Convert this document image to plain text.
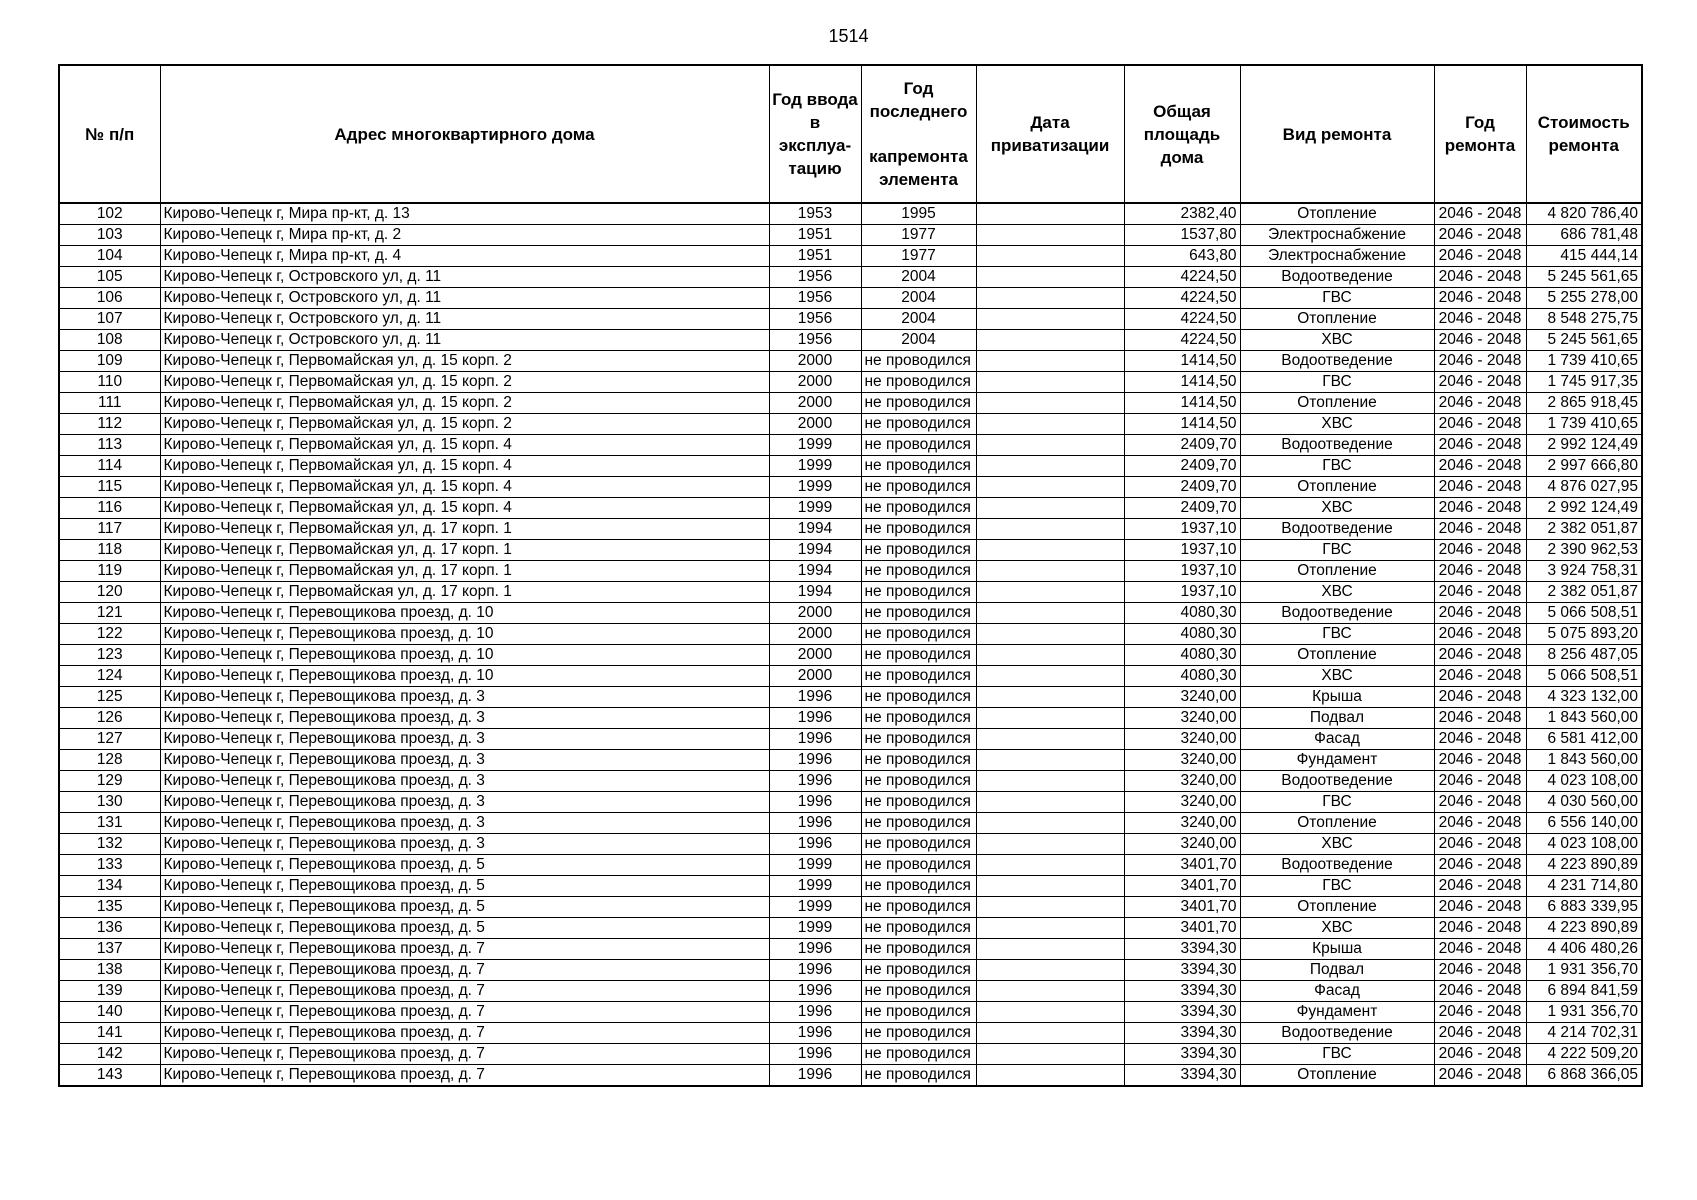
1514
№ п/п	Адрес многоквартирного дома	Год ввода в эксплуа-тацию	Год последнего
капремонта элемента	Дата приватизации	Общая площадь дома	Вид ремонта	Год ремонта	Стоимость ремонта
102	Кирово-Чепецк г, Мира пр-кт, д. 13	1953	1995		2382,40	Отопление	2046 - 2048	4 820 786,40
103	Кирово-Чепецк г, Мира пр-кт, д. 2	1951	1977		1537,80	Электроснабжение	2046 - 2048	686 781,48
104	Кирово-Чепецк г, Мира пр-кт, д. 4	1951	1977		643,80	Электроснабжение	2046 - 2048	415 444,14
105	Кирово-Чепецк г, Островского ул, д. 11	1956	2004		4224,50	Водоотведение	2046 - 2048	5 245 561,65
106	Кирово-Чепецк г, Островского ул, д. 11	1956	2004		4224,50	ГВС	2046 - 2048	5 255 278,00
107	Кирово-Чепецк г, Островского ул, д. 11	1956	2004		4224,50	Отопление	2046 - 2048	8 548 275,75
108	Кирово-Чепецк г, Островского ул, д. 11	1956	2004		4224,50	ХВС	2046 - 2048	5 245 561,65
109	Кирово-Чепецк г, Первомайская ул, д. 15 корп. 2	2000	не проводился		1414,50	Водоотведение	2046 - 2048	1 739 410,65
110	Кирово-Чепецк г, Первомайская ул, д. 15 корп. 2	2000	не проводился		1414,50	ГВС	2046 - 2048	1 745 917,35
111	Кирово-Чепецк г, Первомайская ул, д. 15 корп. 2	2000	не проводился		1414,50	Отопление	2046 - 2048	2 865 918,45
112	Кирово-Чепецк г, Первомайская ул, д. 15 корп. 2	2000	не проводился		1414,50	ХВС	2046 - 2048	1 739 410,65
113	Кирово-Чепецк г, Первомайская ул, д. 15 корп. 4	1999	не проводился		2409,70	Водоотведение	2046 - 2048	2 992 124,49
114	Кирово-Чепецк г, Первомайская ул, д. 15 корп. 4	1999	не проводился		2409,70	ГВС	2046 - 2048	2 997 666,80
115	Кирово-Чепецк г, Первомайская ул, д. 15 корп. 4	1999	не проводился		2409,70	Отопление	2046 - 2048	4 876 027,95
116	Кирово-Чепецк г, Первомайская ул, д. 15 корп. 4	1999	не проводился		2409,70	ХВС	2046 - 2048	2 992 124,49
117	Кирово-Чепецк г, Первомайская ул, д. 17 корп. 1	1994	не проводился		1937,10	Водоотведение	2046 - 2048	2 382 051,87
118	Кирово-Чепецк г, Первомайская ул, д. 17 корп. 1	1994	не проводился		1937,10	ГВС	2046 - 2048	2 390 962,53
119	Кирово-Чепецк г, Первомайская ул, д. 17 корп. 1	1994	не проводился		1937,10	Отопление	2046 - 2048	3 924 758,31
120	Кирово-Чепецк г, Первомайская ул, д. 17 корп. 1	1994	не проводился		1937,10	ХВС	2046 - 2048	2 382 051,87
121	Кирово-Чепецк г, Перевощикова проезд, д. 10	2000	не проводился		4080,30	Водоотведение	2046 - 2048	5 066 508,51
122	Кирово-Чепецк г, Перевощикова проезд, д. 10	2000	не проводился		4080,30	ГВС	2046 - 2048	5 075 893,20
123	Кирово-Чепецк г, Перевощикова проезд, д. 10	2000	не проводился		4080,30	Отопление	2046 - 2048	8 256 487,05
124	Кирово-Чепецк г, Перевощикова проезд, д. 10	2000	не проводился		4080,30	ХВС	2046 - 2048	5 066 508,51
125	Кирово-Чепецк г, Перевощикова проезд, д. 3	1996	не проводился		3240,00	Крыша	2046 - 2048	4 323 132,00
126	Кирово-Чепецк г, Перевощикова проезд, д. 3	1996	не проводился		3240,00	Подвал	2046 - 2048	1 843 560,00
127	Кирово-Чепецк г, Перевощикова проезд, д. 3	1996	не проводился		3240,00	Фасад	2046 - 2048	6 581 412,00
128	Кирово-Чепецк г, Перевощикова проезд, д. 3	1996	не проводился		3240,00	Фундамент	2046 - 2048	1 843 560,00
129	Кирово-Чепецк г, Перевощикова проезд, д. 3	1996	не проводился		3240,00	Водоотведение	2046 - 2048	4 023 108,00
130	Кирово-Чепецк г, Перевощикова проезд, д. 3	1996	не проводился		3240,00	ГВС	2046 - 2048	4 030 560,00
131	Кирово-Чепецк г, Перевощикова проезд, д. 3	1996	не проводился		3240,00	Отопление	2046 - 2048	6 556 140,00
132	Кирово-Чепецк г, Перевощикова проезд, д. 3	1996	не проводился		3240,00	ХВС	2046 - 2048	4 023 108,00
133	Кирово-Чепецк г, Перевощикова проезд, д. 5	1999	не проводился		3401,70	Водоотведение	2046 - 2048	4 223 890,89
134	Кирово-Чепецк г, Перевощикова проезд, д. 5	1999	не проводился		3401,70	ГВС	2046 - 2048	4 231 714,80
135	Кирово-Чепецк г, Перевощикова проезд, д. 5	1999	не проводился		3401,70	Отопление	2046 - 2048	6 883 339,95
136	Кирово-Чепецк г, Перевощикова проезд, д. 5	1999	не проводился		3401,70	ХВС	2046 - 2048	4 223 890,89
137	Кирово-Чепецк г, Перевощикова проезд, д. 7	1996	не проводился		3394,30	Крыша	2046 - 2048	4 406 480,26
138	Кирово-Чепецк г, Перевощикова проезд, д. 7	1996	не проводился		3394,30	Подвал	2046 - 2048	1 931 356,70
139	Кирово-Чепецк г, Перевощикова проезд, д. 7	1996	не проводился		3394,30	Фасад	2046 - 2048	6 894 841,59
140	Кирово-Чепецк г, Перевощикова проезд, д. 7	1996	не проводился		3394,30	Фундамент	2046 - 2048	1 931 356,70
141	Кирово-Чепецк г, Перевощикова проезд, д. 7	1996	не проводился		3394,30	Водоотведение	2046 - 2048	4 214 702,31
142	Кирово-Чепецк г, Перевощикова проезд, д. 7	1996	не проводился		3394,30	ГВС	2046 - 2048	4 222 509,20
143	Кирово-Чепецк г, Перевощикова проезд, д. 7	1996	не проводился		3394,30	Отопление	2046 - 2048	6 868 366,05
